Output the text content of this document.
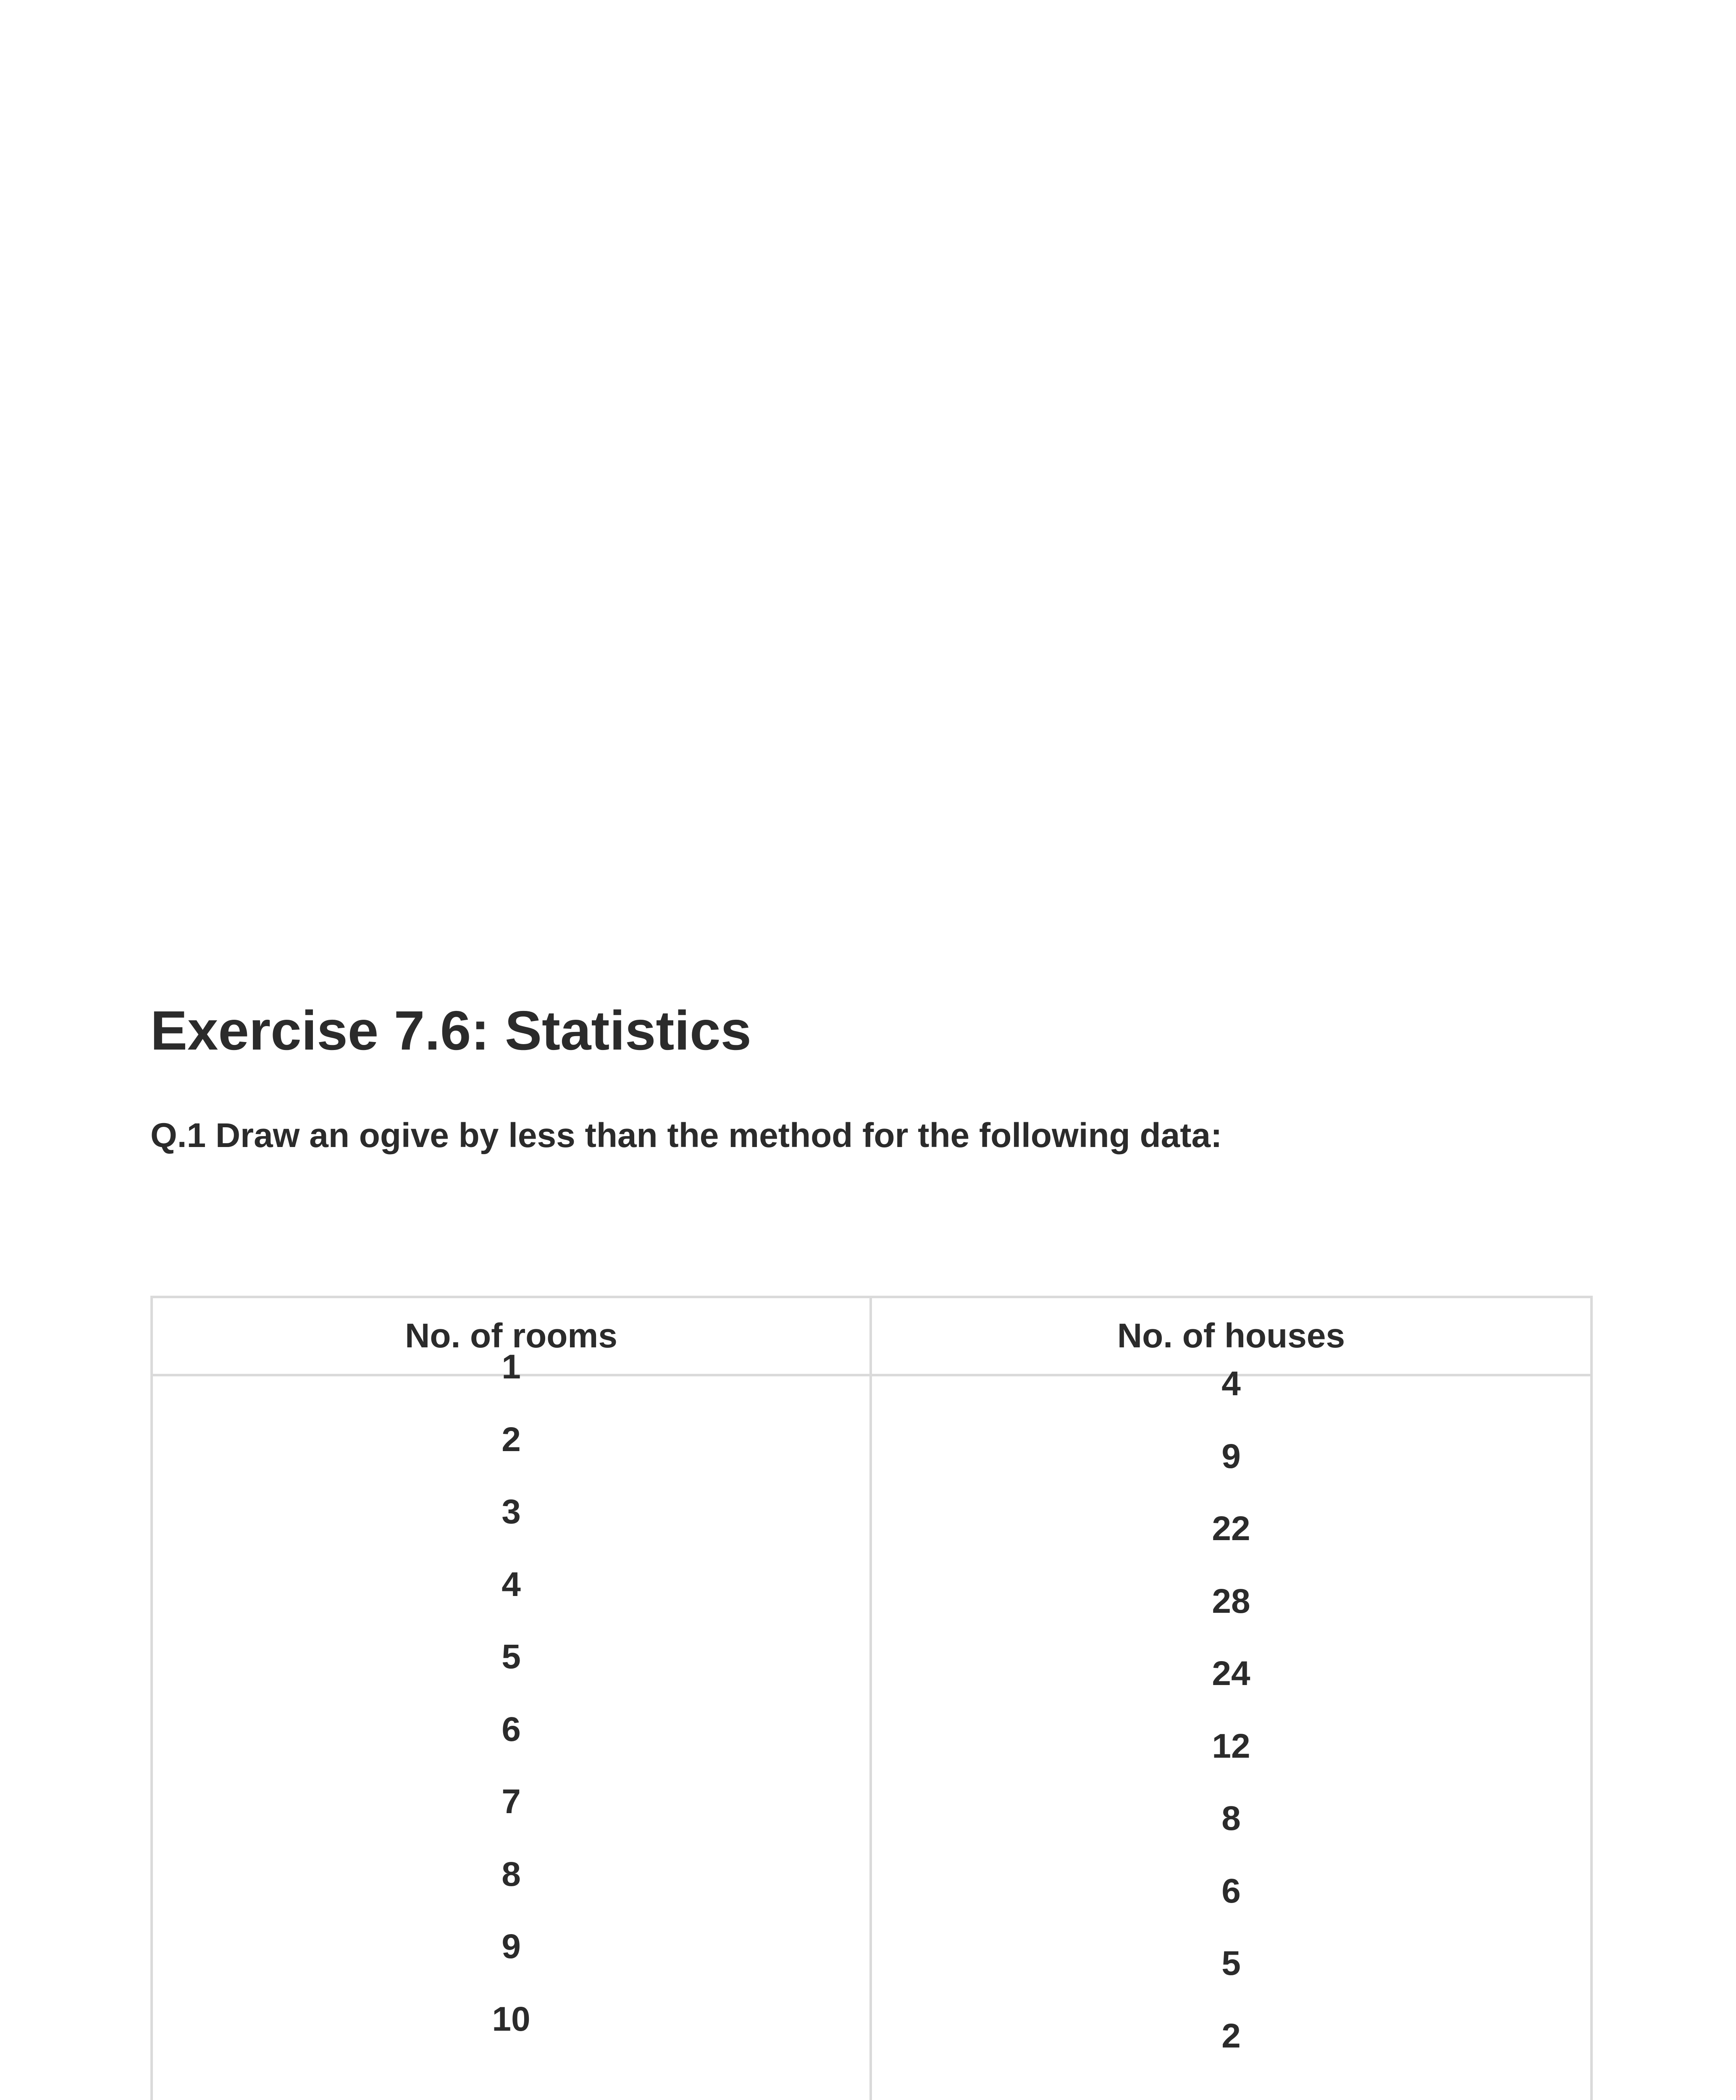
Exercise 7.6: Statistics

Q.1 Draw an ogive by less than the method for the following data:

No. of rooms	No. of houses
1
2
3
4
5
6
7
8
9
10
4
9
22
28
24
12
8
6
5
2
